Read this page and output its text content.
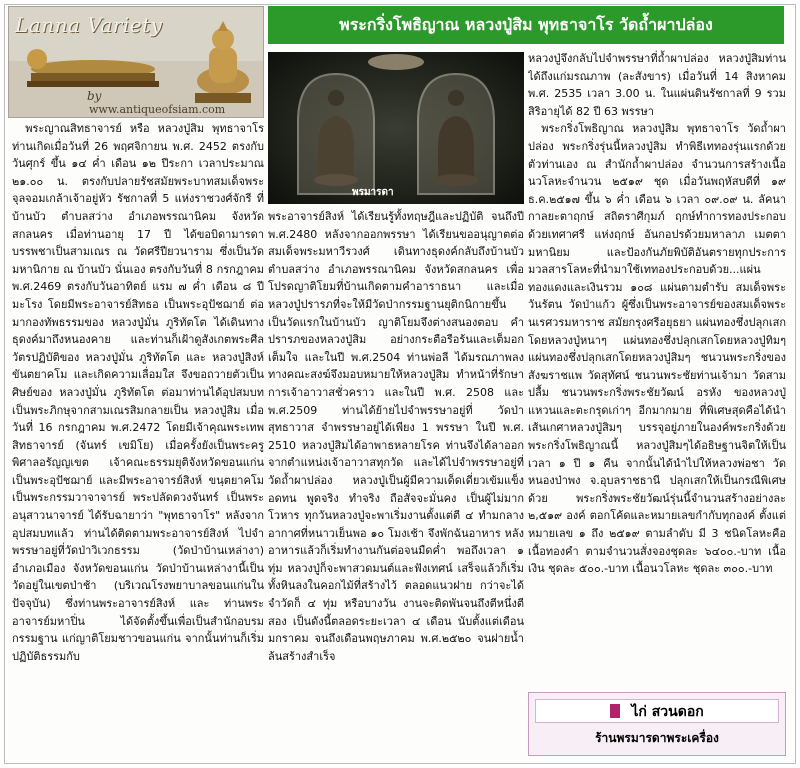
Lanna Variety
by
www.antiqueofsiam.com
พระกริ่งโพธิญาณ หลวงปู่สิม พุทธาจาโร วัดถ้ำผาปล่อง
พรมารดา

พระญาณสิทธาจารย์ หรือ หลวงปู่สิม พุทธาจาโร ท่านเกิดเมื่อวันที่ 26 พฤศจิกายน พ.ศ. 2452 ตรงกับวันศุกร์ ขึ้น ๑๔ ค่ำ เดือน ๑๒ ปีระกา เวลาประมาณ ๒๑.๐๐ น. ตรงกับปลายรัชสมัยพระบาทสมเด็จพระจุลจอมเกล้าเจ้าอยู่หัว รัชกาลที่ 5 แห่งราชวงศ์จักรี ที่บ้านบัว ตำบลสว่าง อำเภอพรรณานิคม จังหวัดสกลนคร เมื่อท่านอายุ 17 ปี ได้ขอบิดามารดาบรรพชาเป็นสามเณร ณ วัดศรีปียวนาราม ซึ่งเป็นวัดมหานิกาย ณ บ้านบัว นั่นเอง ตรงกับวันที่ 8 กรกฎาคม พ.ศ.2469 ตรงกับวันอาทิตย์ แรม ๗ ค่ำ เดือน ๘ ปีมะโรง โดยมีพระอาจารย์สิทธอ เป็นพระอุปัชฌาย์ ต่อมากองทัพธรรมของ หลวงปู่มั่น ภูริทัตโต ได้เดินทางธุดงค์มาถึงหนองคาย และท่านก็เฝ้าดูสังเกตพระศีลวัตรปฏิบัติของ หลวงปู่มั่น ภูริทัตโต และ หลวงปู่สิงห์ ขันตยาคโม และเกิดความเลื่อมใส จึงขอถวายตัวเป็นศิษย์ของ หลวงปู่มั่น ภูริทัตโต ต่อมาท่านได้อุปสมบทเป็นพระภิกษุจากสามเณรสิมกลายเป็น หลวงปู่สิม เมื่อวันที่ 16 กรกฎาคม พ.ศ.2472 โดยมีเจ้าคุณพระเทพสิทธาจารย์ (จันทร์ เขมิโย) เมื่อครั้งยังเป็นพระครูพิศาลอรัญญเขต เจ้าคณะธรรมยุติจังหวัดขอนแก่น เป็นพระอุปัชฌาย์ และมีพระอาจารย์สิงห์ ขนฺตยาคโม เป็นพระกรรมวาจาจารย์ พระปลัดดวงจันทร์ เป็นพระอนุสาวนาจารย์ ได้รับฉายาว่า "พุทธาจาโร" หลังจากอุปสมบทแล้ว ท่านได้ติดตามพระอาจารย์สิงห์ ไปจำพรรษาอยู่ที่วัดป่าวิเวกธรรม (วัดป่าบ้านเหล่างา) อำเภอเมือง จังหวัดขอนแก่น วัดป่าบ้านเหล่างานี้เป็นวัดอยู่ในเขตป่าช้า (บริเวณโรงพยาบาลขอนแก่นในปัจจุบัน) ซึ่งท่านพระอาจารย์สิงห์ และ ท่านพระอาจารย์มหาปิ่น ได้จัดตั้งขึ้นเพื่อเป็นสำนักอบรมกรรมฐาน แก่ญาติโยมชาวขอนแก่น จากนั้นท่านก็เริ่มปฏิบัติธรรมกับ

พระอาจารย์สิงห์ ได้เรียนรู้ทั้งทฤษฎีและปฏิบัติ จนถึงปี พ.ศ.2480 หลังจากออกพรรษา ได้เรียนขออนุญาตต่อสมเด็จพระมหาวีรวงศ์ เดินทางธุดงค์กลับถึงบ้านบัว ตำบลสว่าง อำเภอพรรณานิคม จังหวัดสกลนคร เพื่อโปรดญาติโยมที่บ้านเกิดตามคำอาราธนา และเมื่อหลวงปู่ปรารภที่จะให้มีวัดป่ากรรมฐานยุติกนิกายขึ้นเป็นวัดแรกในบ้านบัว ญาติโยมจึงต่างสนองตอบ คำปรารภของหลวงปู่สิม อย่างกระตือรือร้นและเต็มอกเต็มใจ และในปี พ.ศ.2504 ท่านพ่อลี ได้มรณภาพลง ทางคณะสงฆ์จึงมอบหมายให้หลวงปู่สิม ทำหน้าที่รักษาการเจ้าอาวาสชั่วคราว และในปี พ.ศ. 2508 และ พ.ศ.2509 ท่านได้ย้ายไปจำพรรษาอยู่ที่ วัดป่าสุทธาวาส จำพรรษาอยู่ได้เพียง 1 พรรษา ในปี พ.ศ. 2510 หลวงปู่สิมได้อาพาธหลายโรค ท่านจึงได้ลาออกจากตำแหน่งเจ้าอาวาสทุกวัด และได้ไปจำพรรษาอยู่ที่วัดถ้ำผาปล่อง หลวงปู่เป็นผู้มีความเด็ดเดี่ยวเข้มแข็ง อดทน พูดจริง ทำจริง ถือสัจจะมั่นคง เป็นผู้ไม่มากโวหาร ทุกวันหลวงปู่จะพาเริ่มงานตั้งแต่ตี ๔ ทำมกลางอากาศที่หนาวเย็นพอ ๑๐ โมงเช้า จึงพักฉันอาหาร หลังอาหารแล้วก็เริ่มทำงานกันต่อจนมืดค่ำ พอถึงเวลา ๑ ทุ่ม หลวงปู่ก็จะพาสวดมนต์และฟังเทศน์ เสร็จแล้วก็เริ่มทั้งหินลงในคอกไม้ที่สร้างไว้ ตลอดแนวฝาย กว่าจะได้จำวัดก็ ๔ ทุ่ม หรือบางวัน งานจะติดพันจนถึงตีหนึ่งตีสอง เป็นดังนี้ตลอดระยะเวลา ๔ เดือน นับตั้งแต่เดือนมกราคม จนถึงเดือนพฤษภาคม พ.ศ.๒๕๒๐ จนฝายน้ำล้นสร้างสำเร็จ

หลวงปู่จึงกลับไปจำพรรษาที่ถ้ำผาปล่อง หลวงปู่สิมท่านได้ถึงแก่มรณภาพ (ละสังขาร) เมื่อวันที่ 14 สิงหาคม พ.ศ. 2535 เวลา 3.00 น. ในแผ่นดินรัชกาลที่ 9 รวมสิริอายุได้ 82 ปี 63 พรรษา

พระกริ่งโพธิญาณ หลวงปู่สิม พุทธาจาโร วัดถ้ำผาปล่อง พระกริ่งรุ่นนี้หลวงปู่สิม ทำพิธีเททองรุ่นแรกด้วยตัวท่านเอง ณ สำนักถ้ำผาปล่อง จำนวนการสร้างเนื้อนวโลหะจำนวน ๒๕๑๙ ชุด เมื่อวันพฤหัสบดีที่ ๑๙ ธ.ค.๒๕๑๗ ขึ้น ๖ ค่ำ เดือน ๖ เวลา ๐๙.๐๙ น. ลัคนากาลยะตาฤกษ์ สถิตราศีกุมภ์ ฤกษ์ทำการทองประกอบด้วยเทศาศรี แห่งฤกษ์ อันกอปรด้วยมหาลาภ เมตตา มหานิยม และป้องกันภัยพิบัติอันตรายทุกประการ มวลสารโลหะที่นำมาใช้เททองประกอบด้วย...แผ่นทองแดงและเงินรวม ๑๐๘ แผ่นตามตำรับ สมเด็จพระวันรัตน วัดป่าแก้ว ผู้ซึ่งเป็นพระอาจารย์ของสมเด็จพระนเรศวรมหาราช สมัยกรุงศรีอยุธยา แผ่นทองชึ่งปลุกเสกโดยหลวงปู่หนาๆ แผ่นทองชึ่งปลุกเสกโดยหลวงปู่ทิมๆ แผ่นทองชึ่งปลุกเสกโดยหลวงปู่สิมๆ ชนวนพระกริ่งของสังฆราชแพ วัดสุทัศน์ ชนวนพระชัยท่านเจ้ามา วัดสามปลื้ม ชนวนพระกริ่งพระชัยวัฒน์ อรหัง ของหลวงปู่แหวนและตะกรุดเก่าๆ อีกมากมาย ที่พิเศษสุดคือได้นำเส้นเกศาหลวงปู่สิมๆ บรรจุอยู่ภายในองค์พระกริ่งด้วย พระกริ่งโพธิญาณนี้ หลวงปู่สิมๆได้อธิษฐานจิตให้เป็นเวลา ๑ ปี ๑ คืน จากนั้นได้นำไปให้หลวงพ่อชา วัดหนองป่าพง จ.อุบลราชธานี ปลุกเสกให้เป็นกรณีพิเศษด้วย พระกริ่งพระชัยวัฒน์รุ่นนี้จำนวนสร้างอย่างละ ๒,๕๑๙ องค์ ตอกโค้ดและหมายเลขกำกับทุกองค์ ตั้งแต่หมายเลข ๑ ถึง ๒๕๑๙ ตามลำดับ มี 3 ชนิดโลหะคือ เนื้อทองคำ ตามจำนวนสั่งจองชุดละ ๖๔๐๐.-บาท เนื้อเงิน ชุดละ ๕๐๐.-บาท เนื้อนวโลหะ ชุดละ ๓๐๐.-บาท

ไก่ สวนดอก
ร้านพรมารดาพระเครื่อง
